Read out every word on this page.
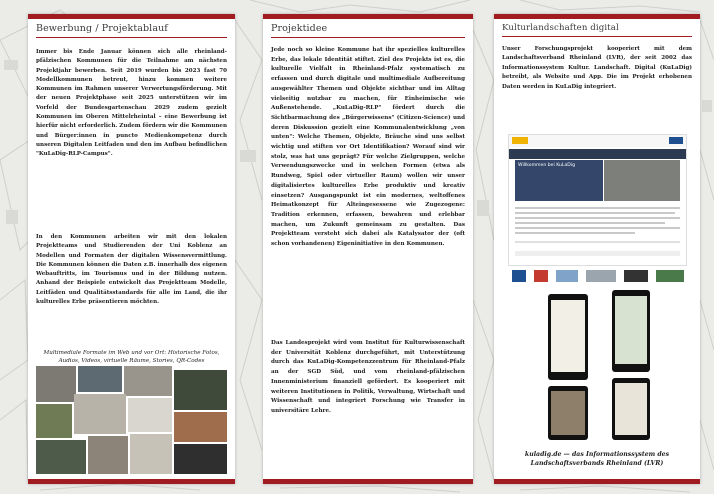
Bewerbung / Projektablauf

Immer bis Ende Januar können sich alle rheinland-pfälzischen Kommunen für die Teilnahme am nächsten Projektjahr bewerben. Seit 2019 wurden bis 2023 fast 70 Modellkommunen betreut, hinzu kommen weitere Kommunen im Rahmen unserer Verwertungsförderung. Mit der neuen Projektphase seit 2025 unterstützen wir im Vorfeld der Bundesgartenschau 2029 zudem gezielt Kommunen im Oberen Mittelrheintal – eine Bewerbung ist hierfür nicht erforderlich. Zudem fördern wir die Kommunen und Bürger:innen in puncto Medienkompetenz durch unseren Digitalen Leitfaden und den im Aufbau befindlichen "KuLaDig-RLP-Campus".

In den Kommunen arbeiten wir mit den lokalen Projektteams und Studierenden der Uni Koblenz an Modellen und Formaten der digitalen Wissensvermittlung. Die Kommunen können die Daten z.B. innerhalb des eigenen Webauftritts, im Tourismus und in der Bildung nutzen. Anhand der Beispiele entwickelt das Projektteam Modelle, Leitfäden und Qualitätsstandards für alle im Land, die ihr kulturelles Erbe präsentieren möchten.

Multimediale Formate im Web und vor Ort: Historische Fotos, Audios, Videos, virtuelle Räume, Stories, QR-Codes
Projektidee

Jede noch so kleine Kommune hat ihr spezielles kulturelles Erbe, das lokale Identität stiftet. Ziel des Projekts ist es, die kulturelle Vielfalt in Rheinland-Pfalz systematisch zu erfassen und durch digitale und multimediale Aufbereitung ausgewählter Themen und Objekte sichtbar und im Alltag vielseitig nutzbar zu machen, für Einheimische wie Außenstehende. „KuLaDig-RLP" fördert durch die Sichtbarmachung des „Bürgerwissens" (Citizen-Science) und deren Diskussion gezielt eine Kommunalentwicklung „von unten": Welche Themen, Objekte, Bräuche sind uns selbst wichtig und stiften vor Ort Identifikation? Worauf sind wir stolz, was hat uns geprägt? Für welche Zielgruppen, welche Verwendungszwecke und in welchen Formen (etwa als Rundweg, Spiel oder virtueller Raum) wollen wir unser digitalisiertes kulturelles Erbe produktiv und kreativ einsetzen? Ausgangspunkt ist ein modernes, weltoffenes Heimatkonzept für Alteingesessene wie Zugezogene: Tradition erkennen, erfassen, bewahren und erlebbar machen, um Zukunft gemeinsam zu gestalten. Das Projektteam versteht sich dabei als Katalysator der (oft schon vorhandenen) Eigeninitiative in den Kommunen.

Das Landesprojekt wird vom Institut für Kulturwissenschaft der Universität Koblenz durchgeführt, mit Unterstützung durch das KuLaDig-Kompetenzzentrum für Rheinland-Pfalz an der SGD Süd, und vom rheinland-pfälzischen Innenministerium finanziell gefördert. Es kooperiert mit weiteren Institutionen in Politik, Verwaltung, Wirtschaft und Wissenschaft und integriert Forschung wie Transfer in universitäre Lehre.

Kulturlandschaften digital

Unser Forschungsprojekt kooperiert mit dem Landschaftsverband Rheinland (LVR), der seit 2002 das Informationssystem Kultur. Landschaft. Digital (KuLaDig) betreibt, als Website und App. Die im Projekt erhobenen Daten werden in KuLaDig integriert.

Willkommen bei KuLaDig
kuladig.de — das Informationssystem des Landschaftsverbands Rheinland (LVR)
